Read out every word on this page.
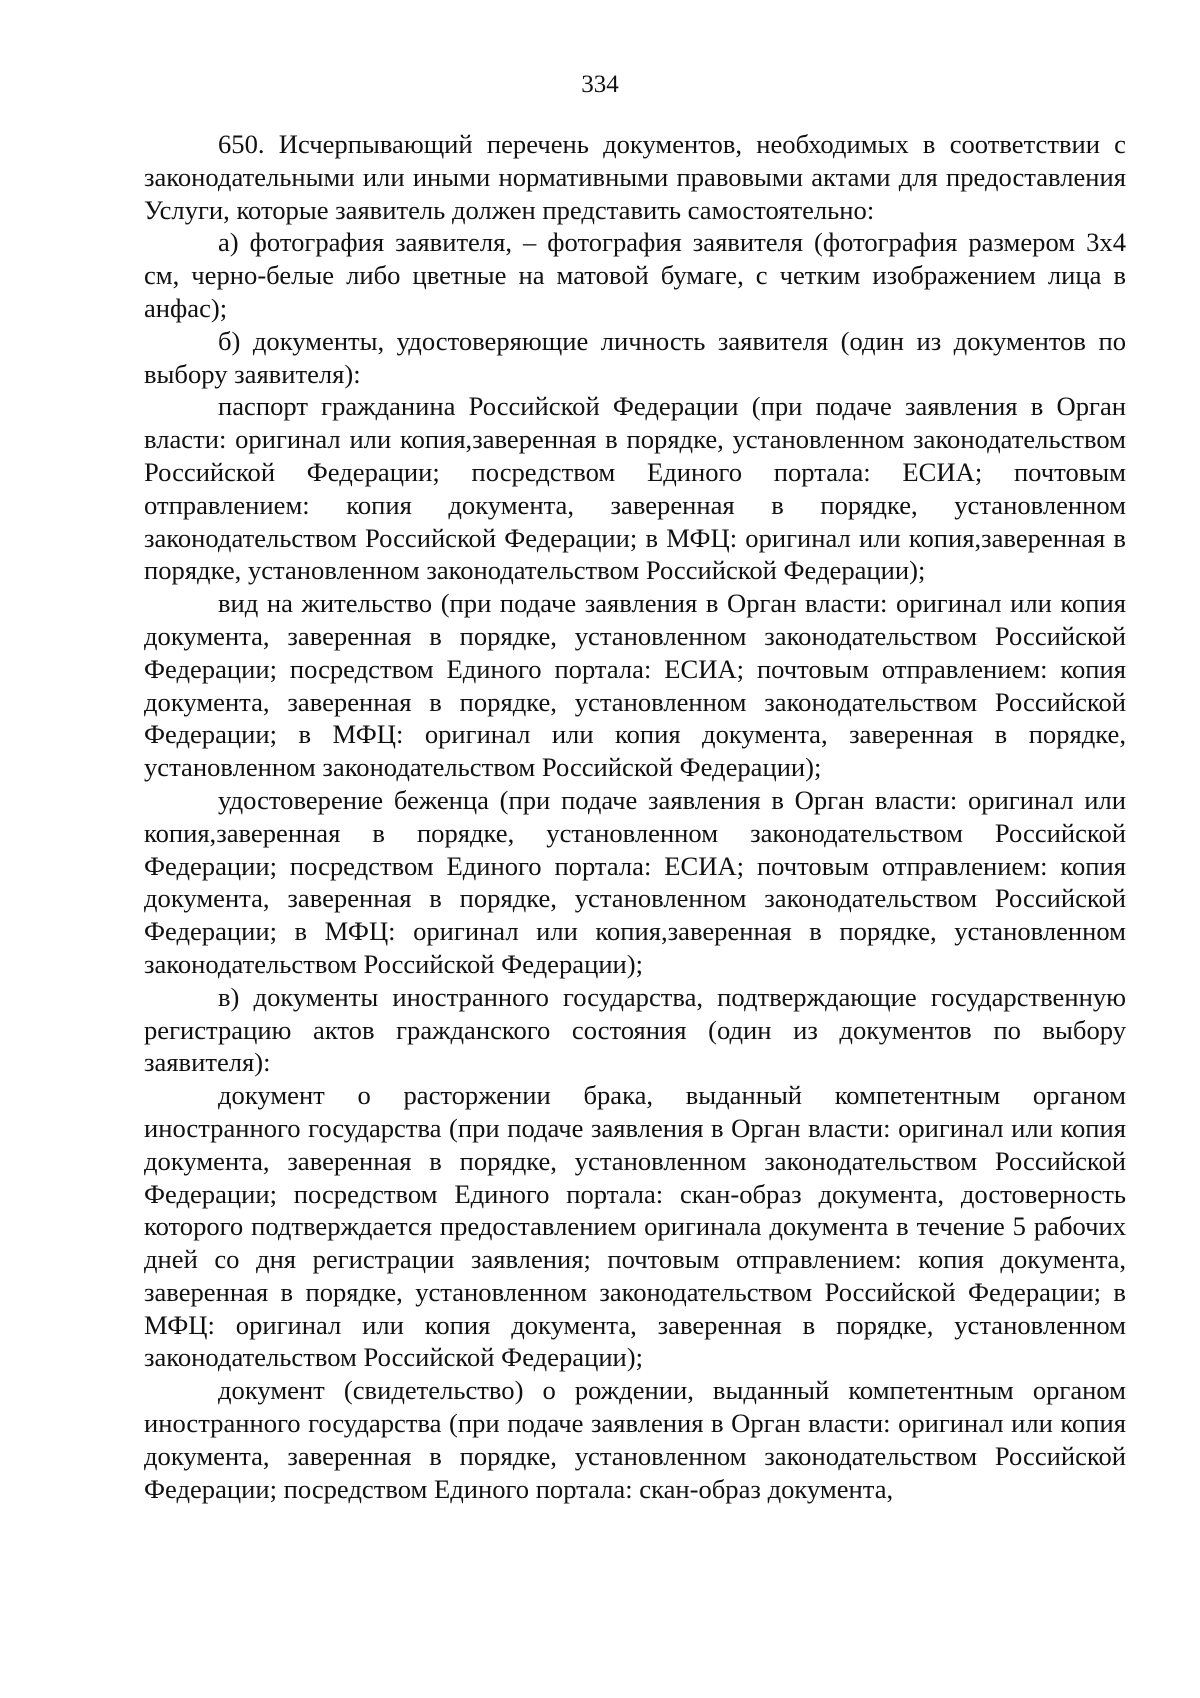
334

650. Исчерпывающий перечень документов, необходимых в соответствии с законодательными или иными нормативными правовыми актами для предоставления Услуги, которые заявитель должен представить самостоятельно:

а) фотография заявителя, – фотография заявителя (фотография размером 3х4 см, черно-белые либо цветные на матовой бумаге, с четким изображением лица в анфас);

б) документы, удостоверяющие личность заявителя (один из документов по выбору заявителя):

паспорт гражданина Российской Федерации (при подаче заявления в Орган власти: оригинал или копия,заверенная в порядке, установленном законодательством Российской Федерации; посредством Единого портала: ЕСИА; почтовым отправлением: копия документа, заверенная в порядке, установленном законодательством Российской Федерации; в МФЦ: оригинал или копия,заверенная в порядке, установленном законодательством Российской Федерации);

вид на жительство (при подаче заявления в Орган власти: оригинал или копия документа, заверенная в порядке, установленном законодательством Российской Федерации; посредством Единого портала: ЕСИА; почтовым отправлением: копия документа, заверенная в порядке, установленном законодательством Российской Федерации; в МФЦ: оригинал или копия документа, заверенная в порядке, установленном законодательством Российской Федерации);

удостоверение беженца (при подаче заявления в Орган власти: оригинал или копия,заверенная в порядке, установленном законодательством Российской Федерации; посредством Единого портала: ЕСИА; почтовым отправлением: копия документа, заверенная в порядке, установленном законодательством Российской Федерации; в МФЦ: оригинал или копия,заверенная в порядке, установленном законодательством Российской Федерации);

в) документы иностранного государства, подтверждающие государственную регистрацию актов гражданского состояния (один из документов по выбору заявителя):

документ о расторжении брака, выданный компетентным органом иностранного государства (при подаче заявления в Орган власти: оригинал или копия документа, заверенная в порядке, установленном законодательством Российской Федерации; посредством Единого портала: скан-образ документа, достоверность которого подтверждается предоставлением оригинала документа в течение 5 рабочих дней со дня регистрации заявления; почтовым отправлением: копия документа, заверенная в порядке, установленном законодательством Российской Федерации; в МФЦ: оригинал или копия документа, заверенная в порядке, установленном законодательством Российской Федерации);

документ (свидетельство) о рождении, выданный компетентным органом иностранного государства (при подаче заявления в Орган власти: оригинал или копия документа, заверенная в порядке, установленном законодательством Российской Федерации; посредством Единого портала: скан-образ документа,
